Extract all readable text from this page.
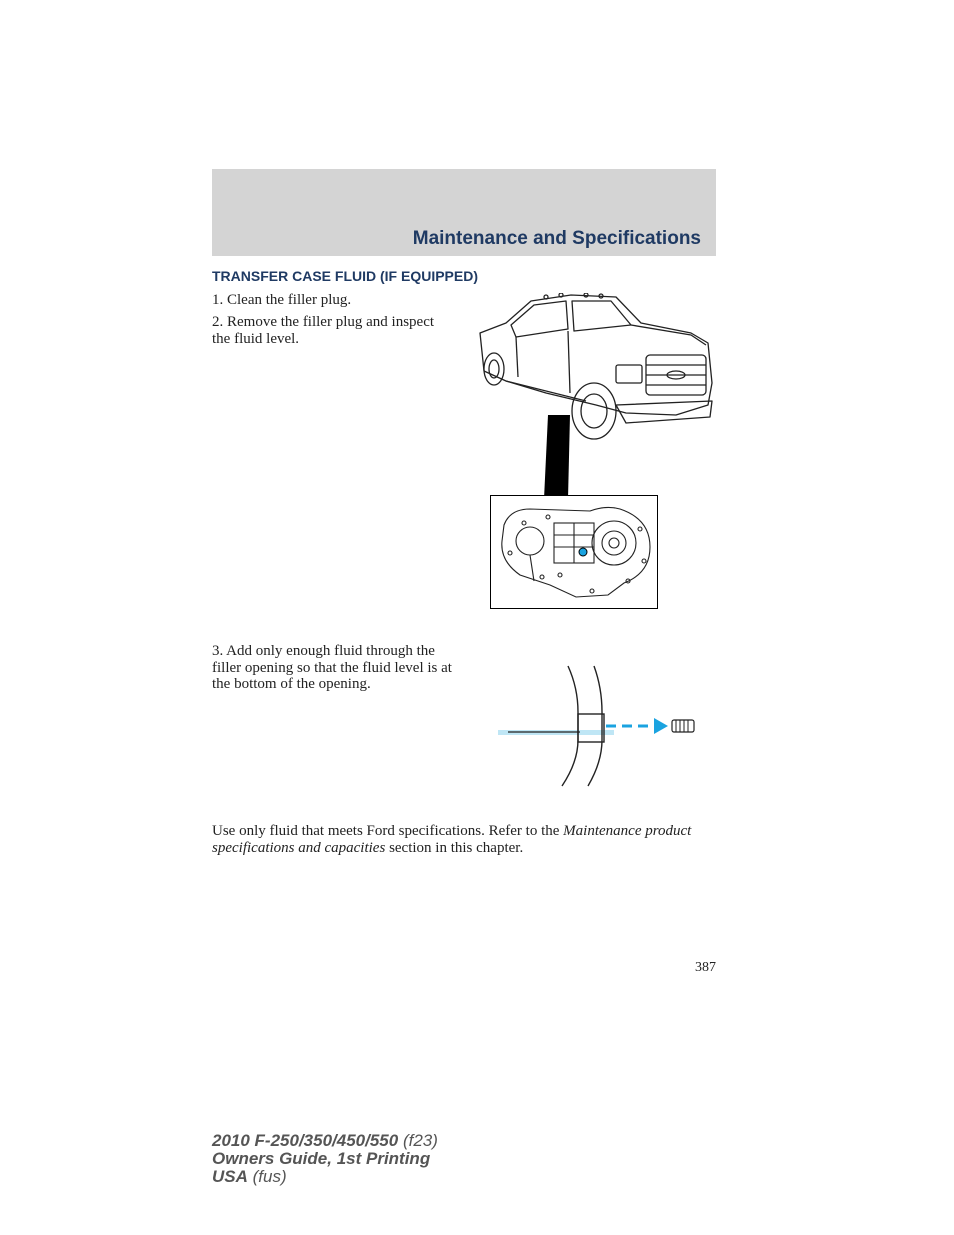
Maintenance and Specifications
TRANSFER CASE FLUID (IF EQUIPPED)

1. Clean the filler plug.

2. Remove the filler plug and inspect the fluid level.

3. Add only enough fluid through the filler opening so that the fluid level is at the bottom of the opening.

Use only fluid that meets Ford specifications. Refer to the Maintenance product specifications and capacities section in this chapter.

387
2010 F-250/350/450/550 (f23)
Owners Guide, 1st Printing
USA (fus)
